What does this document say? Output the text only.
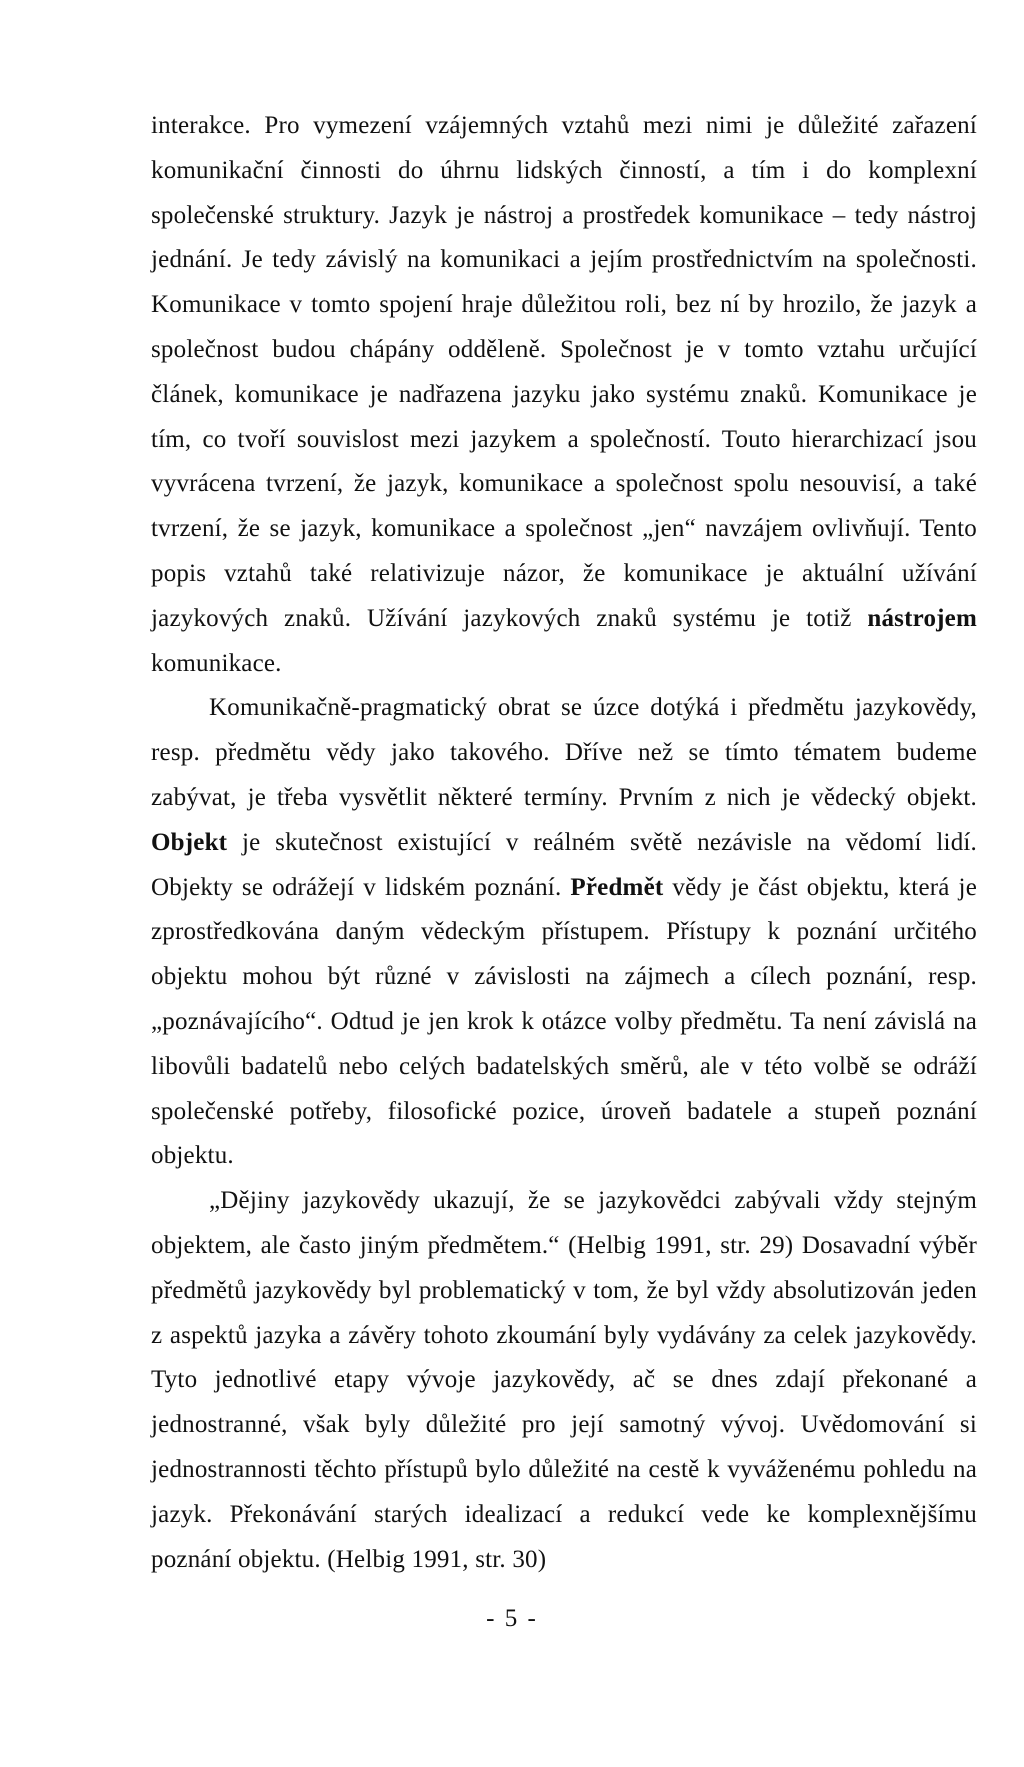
interakce. Pro vymezení vzájemných vztahů mezi nimi je důležité zařazení komunikační činnosti do úhrnu lidských činností, a tím i do komplexní společenské struktury. Jazyk je nástroj a prostředek komunikace – tedy nástroj jednání. Je tedy závislý na komunikaci a jejím prostřednictvím na společnosti. Komunikace v tomto spojení hraje důležitou roli, bez ní by hrozilo, že jazyk a společnost budou chápány odděleně. Společnost je v tomto vztahu určující článek, komunikace je nadřazena jazyku jako systému znaků. Komunikace je tím, co tvoří souvislost mezi jazykem a společností. Touto hierarchizací jsou vyvrácena tvrzení, že jazyk, komunikace a společnost spolu nesouvisí, a také tvrzení, že se jazyk, komunikace a společnost „jen“ navzájem ovlivňují. Tento popis vztahů také relativizuje názor, že komunikace je aktuální užívání jazykových znaků. Užívání jazykových znaků systému je totiž nástrojem komunikace.

Komunikačně-pragmatický obrat se úzce dotýká i předmětu jazykovědy, resp. předmětu vědy jako takového. Dříve než se tímto tématem budeme zabývat, je třeba vysvětlit některé termíny. Prvním z nich je vědecký objekt. Objekt je skutečnost existující v reálném světě nezávisle na vědomí lidí. Objekty se odrážejí v lidském poznání. Předmět vědy je část objektu, která je zprostředkována daným vědeckým přístupem. Přístupy k poznání určitého objektu mohou být různé v závislosti na zájmech a cílech poznání, resp. „poznávajícího“. Odtud je jen krok k otázce volby předmětu. Ta není závislá na libovůli badatelů nebo celých badatelských směrů, ale v této volbě se odráží společenské potřeby, filosofické pozice, úroveň badatele a stupeň poznání objektu.

„Dějiny jazykovědy ukazují, že se jazykovědci zabývali vždy stejným objektem, ale často jiným předmětem.“ (Helbig 1991, str. 29) Dosavadní výběr předmětů jazykovědy byl problematický v tom, že byl vždy absolutizován jeden z aspektů jazyka a závěry tohoto zkoumání byly vydávány za celek jazykovědy. Tyto jednotlivé etapy vývoje jazykovědy, ač se dnes zdají překonané a jednostranné, však byly důležité pro její samotný vývoj. Uvědomování si jednostrannosti těchto přístupů bylo důležité na cestě k vyváženému pohledu na jazyk. Překonávání starých idealizací a redukcí vede ke komplexnějšímu poznání objektu. (Helbig 1991, str. 30)

- 5 -
